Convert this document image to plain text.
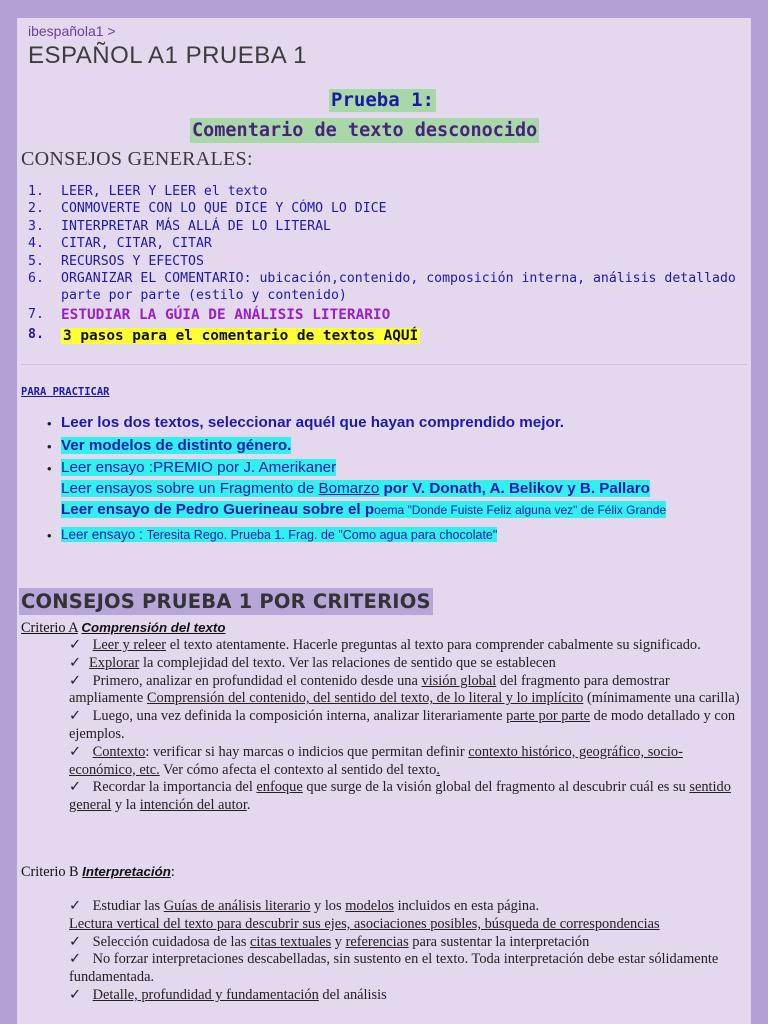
ibespañola1 >
ESPAÑOL A1 PRUEBA 1
Prueba 1:
Comentario de texto desconocido
CONSEJOS GENERALES:
1. LEER, LEER Y LEER el texto
2. CONMOVERTE CON LO QUE DICE Y CÓMO LO DICE
3. INTERPRETAR MÁS ALLÁ DE LO LITERAL
4. CITAR, CITAR, CITAR
5. RECURSOS Y EFECTOS
6. ORGANIZAR EL COMENTARIO: ubicación,contenido, composición interna, análisis detallado parte por parte (estilo y contenido)
7. ESTUDIAR LA GÚIA DE ANÁLISIS LITERARIO
8. 3 pasos para el comentario de textos AQUÍ
PARA PRACTICAR
• Leer los dos textos, seleccionar aquél que hayan comprendido mejor.
• Ver modelos de distinto género.
• Leer ensayo :PREMIO por J. Amerikaner
Leer ensayos sobre un Fragmento de Bomarzo por V. Donath, A. Belikov y B. Pallaro
Leer ensayo de Pedro Guerineau sobre el poema "Donde Fuiste Feliz alguna vez" de Félix Grande
• Leer ensayo : Teresita Rego. Prueba 1. Frag. de "Como agua para chocolate"
CONSEJOS PRUEBA 1 POR CRITERIOS
Criterio A Comprensión del texto

✓ Leer y releer el texto atentamente. Hacerle preguntas al texto para comprender cabalmente su significado.

✓ Explorar la complejidad del texto. Ver las relaciones de sentido que se establecen

✓ Primero, analizar en profundidad el contenido desde una visión global del fragmento para demostrar ampliamente Comprensión del contenido, del sentido del texto, de lo literal y lo implícito (mínimamente una carilla)

✓ Luego, una vez definida la composición interna, analizar literariamente parte por parte de modo detallado y con ejemplos.

✓ Contexto: verificar si hay marcas o indicios que permitan definir contexto histórico, geográfico, socio-económico, etc. Ver cómo afecta el contexto al sentido del texto.

✓ Recordar la importancia del enfoque que surge de la visión global del fragmento al descubrir cuál es su sentido general y la intención del autor.

Criterio B Interpretación:

✓ Estudiar las Guías de análisis literario y los modelos incluidos en esta página.

Lectura vertical del texto para descubrir sus ejes, asociaciones posibles, búsqueda de correspondencias

✓ Selección cuidadosa de las citas textuales y referencias para sustentar la interpretación

✓ No forzar interpretaciones descabelladas, sin sustento en el texto. Toda interpretación debe estar sólidamente fundamentada.

✓ Detalle, profundidad y fundamentación del análisis
